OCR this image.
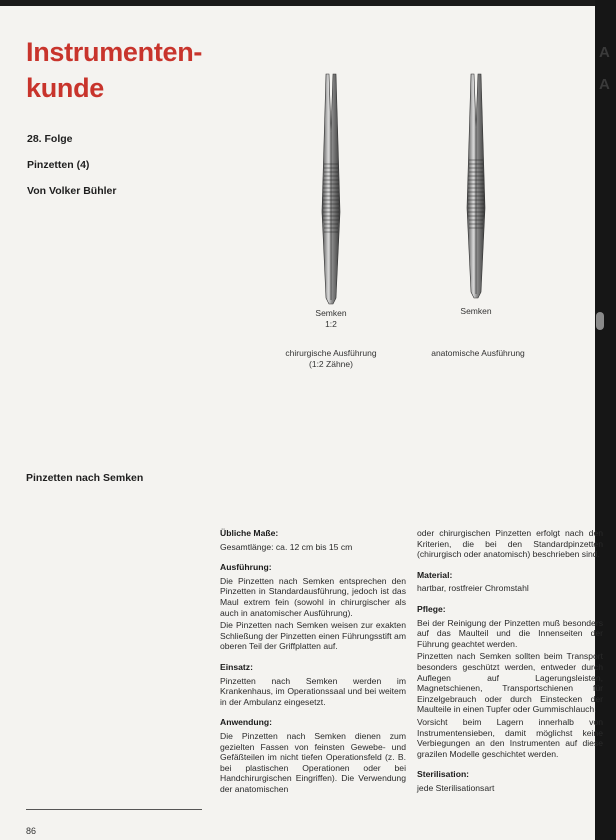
A
A
Instrumenten-
kunde
28. Folge
Pinzetten (4)
Von Volker Bühler
Semken
1:2
Semken
chirurgische Ausführung
(1:2 Zähne)
anatomische Ausführung
Pinzetten nach Semken
Übliche Maße:

Gesamtlänge: ca. 12 cm bis 15 cm

Ausführung:

Die Pinzetten nach Semken entsprechen den Pinzetten in Standardausführung, jedoch ist das Maul extrem fein (sowohl in chirurgischer als auch in anatomischer Ausführung).

Die Pinzetten nach Semken weisen zur exakten Schließung der Pinzetten einen Führungsstift am oberen Teil der Griffplatten auf.

Einsatz:

Pinzetten nach Semken werden im Krankenhaus, im Operationssaal und bei weitem in der Ambulanz eingesetzt.

Anwendung:

Die Pinzetten nach Semken dienen zum gezielten Fassen von feinsten Gewebe- und Gefäßteilen im nicht tiefen Operationsfeld (z. B. bei plastischen Operationen oder bei Handchirurgischen Eingriffen). Die Verwendung der anatomischen

oder chirurgischen Pinzetten erfolgt nach den Kriterien, die bei den Standardpinzetten (chirurgisch oder anatomisch) beschrieben sind.

Material:

hartbar, rostfreier Chromstahl

Pflege:

Bei der Reinigung der Pinzetten muß besonders auf das Maulteil und die Innenseiten der Führung geachtet werden.

Pinzetten nach Semken sollten beim Transport besonders geschützt werden, entweder durch Auflegen auf Lagerungsleisten, Magnetschienen, Transportschienen für Einzelgebrauch oder durch Einstecken der Maulteile in einen Tupfer oder Gummischlauch.

Vorsicht beim Lagern innerhalb von Instrumentensieben, damit möglichst keine Verbiegungen an den Instrumenten auf diese grazilen Modelle geschichtet werden.

Sterilisation:

jede Sterilisationsart

86
